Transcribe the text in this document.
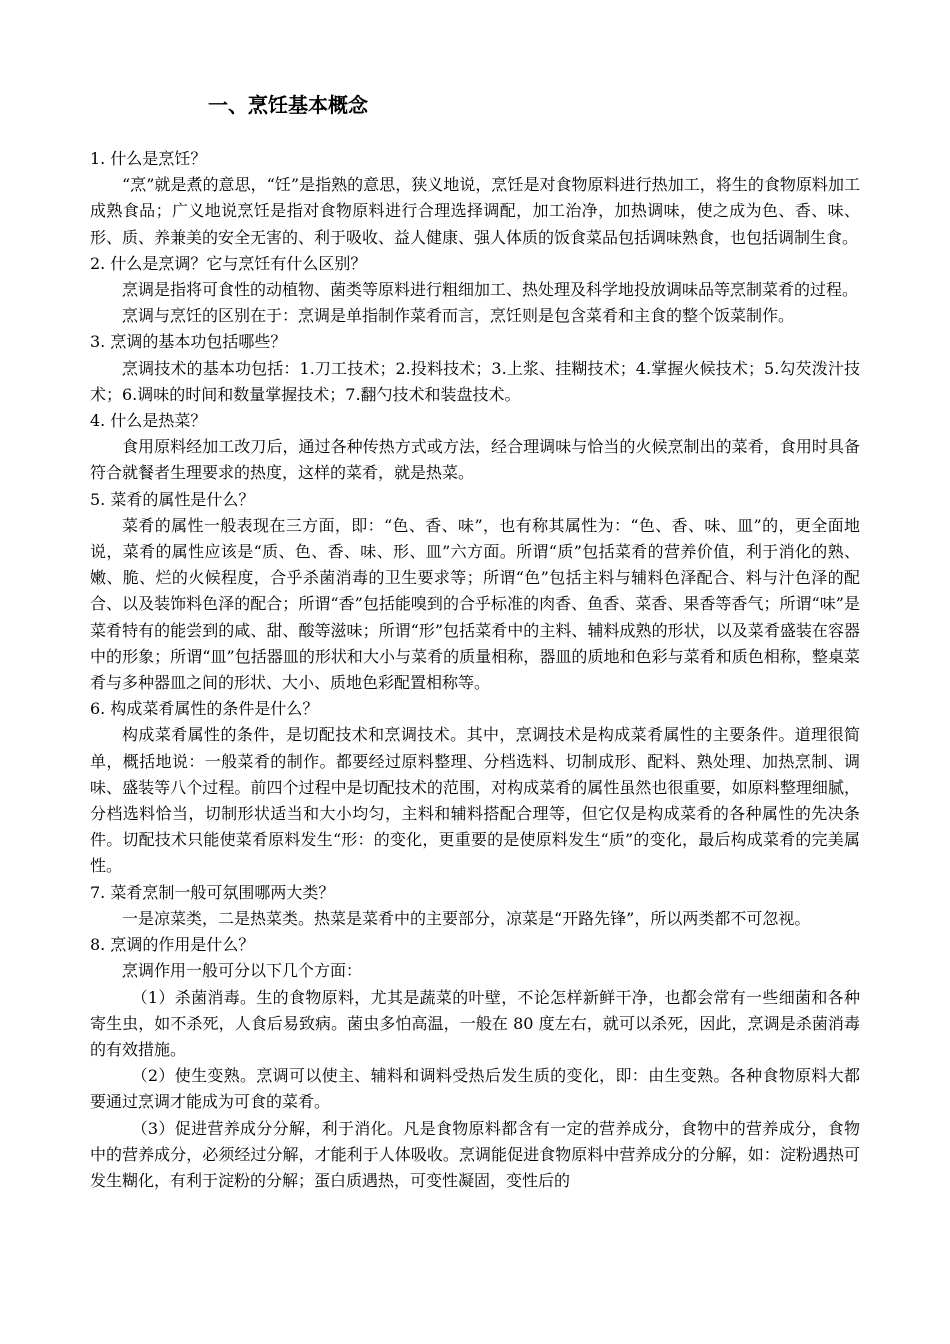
一、烹饪基本概念

1. 什么是烹饪？

“烹”就是煮的意思，“饪”是指熟的意思，狭义地说，烹饪是对食物原料进行热加工，将生的食物原料加工成熟食品；广义地说烹饪是指对食物原料进行合理选择调配，加工治净，加热调味，使之成为色、香、味、形、质、养兼美的安全无害的、利于吸收、益人健康、强人体质的饭食菜品包括调味熟食，也包括调制生食。

2. 什么是烹调？它与烹饪有什么区别？

烹调是指将可食性的动植物、菌类等原料进行粗细加工、热处理及科学地投放调味品等烹制菜肴的过程。

烹调与烹饪的区别在于：烹调是单指制作菜肴而言，烹饪则是包含菜肴和主食的整个饭菜制作。

3. 烹调的基本功包括哪些？

烹调技术的基本功包括：1.刀工技术；2.投料技术；3.上浆、挂糊技术；4.掌握火候技术；5.勾芡泼汁技术；6.调味的时间和数量掌握技术；7.翻勺技术和装盘技术。

4. 什么是热菜？

食用原料经加工改刀后，通过各种传热方式或方法，经合理调味与恰当的火候烹制出的菜肴，食用时具备符合就餐者生理要求的热度，这样的菜肴，就是热菜。

5. 菜肴的属性是什么？

菜肴的属性一般表现在三方面，即：“色、香、味”，也有称其属性为：“色、香、味、皿”的，更全面地说，菜肴的属性应该是“质、色、香、味、形、皿”六方面。所谓“质”包括菜肴的营养价值，利于消化的熟、嫩、脆、烂的火候程度，合乎杀菌消毒的卫生要求等；所谓“色”包括主料与辅料色泽配合、料与汁色泽的配合、以及装饰料色泽的配合；所谓“香”包括能嗅到的合乎标准的肉香、鱼香、菜香、果香等香气；所谓“味”是菜肴特有的能尝到的咸、甜、酸等滋味；所谓“形”包括菜肴中的主料、辅料成熟的形状，以及菜肴盛装在容器中的形象；所谓“皿”包括器皿的形状和大小与菜肴的质量相称，器皿的质地和色彩与菜肴和质色相称，整桌菜肴与多种器皿之间的形状、大小、质地色彩配置相称等。

6. 构成菜肴属性的条件是什么？

构成菜肴属性的条件，是切配技术和烹调技术。其中，烹调技术是构成菜肴属性的主要条件。道理很简单，概括地说：一般菜肴的制作。都要经过原料整理、分档选料、切制成形、配料、熟处理、加热烹制、调味、盛装等八个过程。前四个过程中是切配技术的范围，对构成菜肴的属性虽然也很重要，如原料整理细腻，分档选料恰当，切制形状适当和大小均匀，主料和辅料搭配合理等，但它仅是构成菜肴的各种属性的先决条件。切配技术只能使菜肴原料发生“形：的变化，更重要的是使原料发生“质”的变化，最后构成菜肴的完美属性。

7. 菜肴烹制一般可氛围哪两大类？

一是凉菜类，二是热菜类。热菜是菜肴中的主要部分，凉菜是“开路先锋”，所以两类都不可忽视。

8. 烹调的作用是什么？

烹调作用一般可分以下几个方面：

（1）杀菌消毒。生的食物原料，尤其是蔬菜的叶壁，不论怎样新鲜干净，也都会常有一些细菌和各种寄生虫，如不杀死，人食后易致病。菌虫多怕高温，一般在 80 度左右，就可以杀死，因此，烹调是杀菌消毒的有效措施。

（2）使生变熟。烹调可以使主、辅料和调料受热后发生质的变化，即：由生变熟。各种食物原料大都要通过烹调才能成为可食的菜肴。

（3）促进营养成分分解，利于消化。凡是食物原料都含有一定的营养成分，食物中的营养成分，食物中的营养成分，必须经过分解，才能利于人体吸收。烹调能促进食物原料中营养成分的分解，如：淀粉遇热可发生糊化，有利于淀粉的分解；蛋白质遇热，可变性凝固，变性后的
